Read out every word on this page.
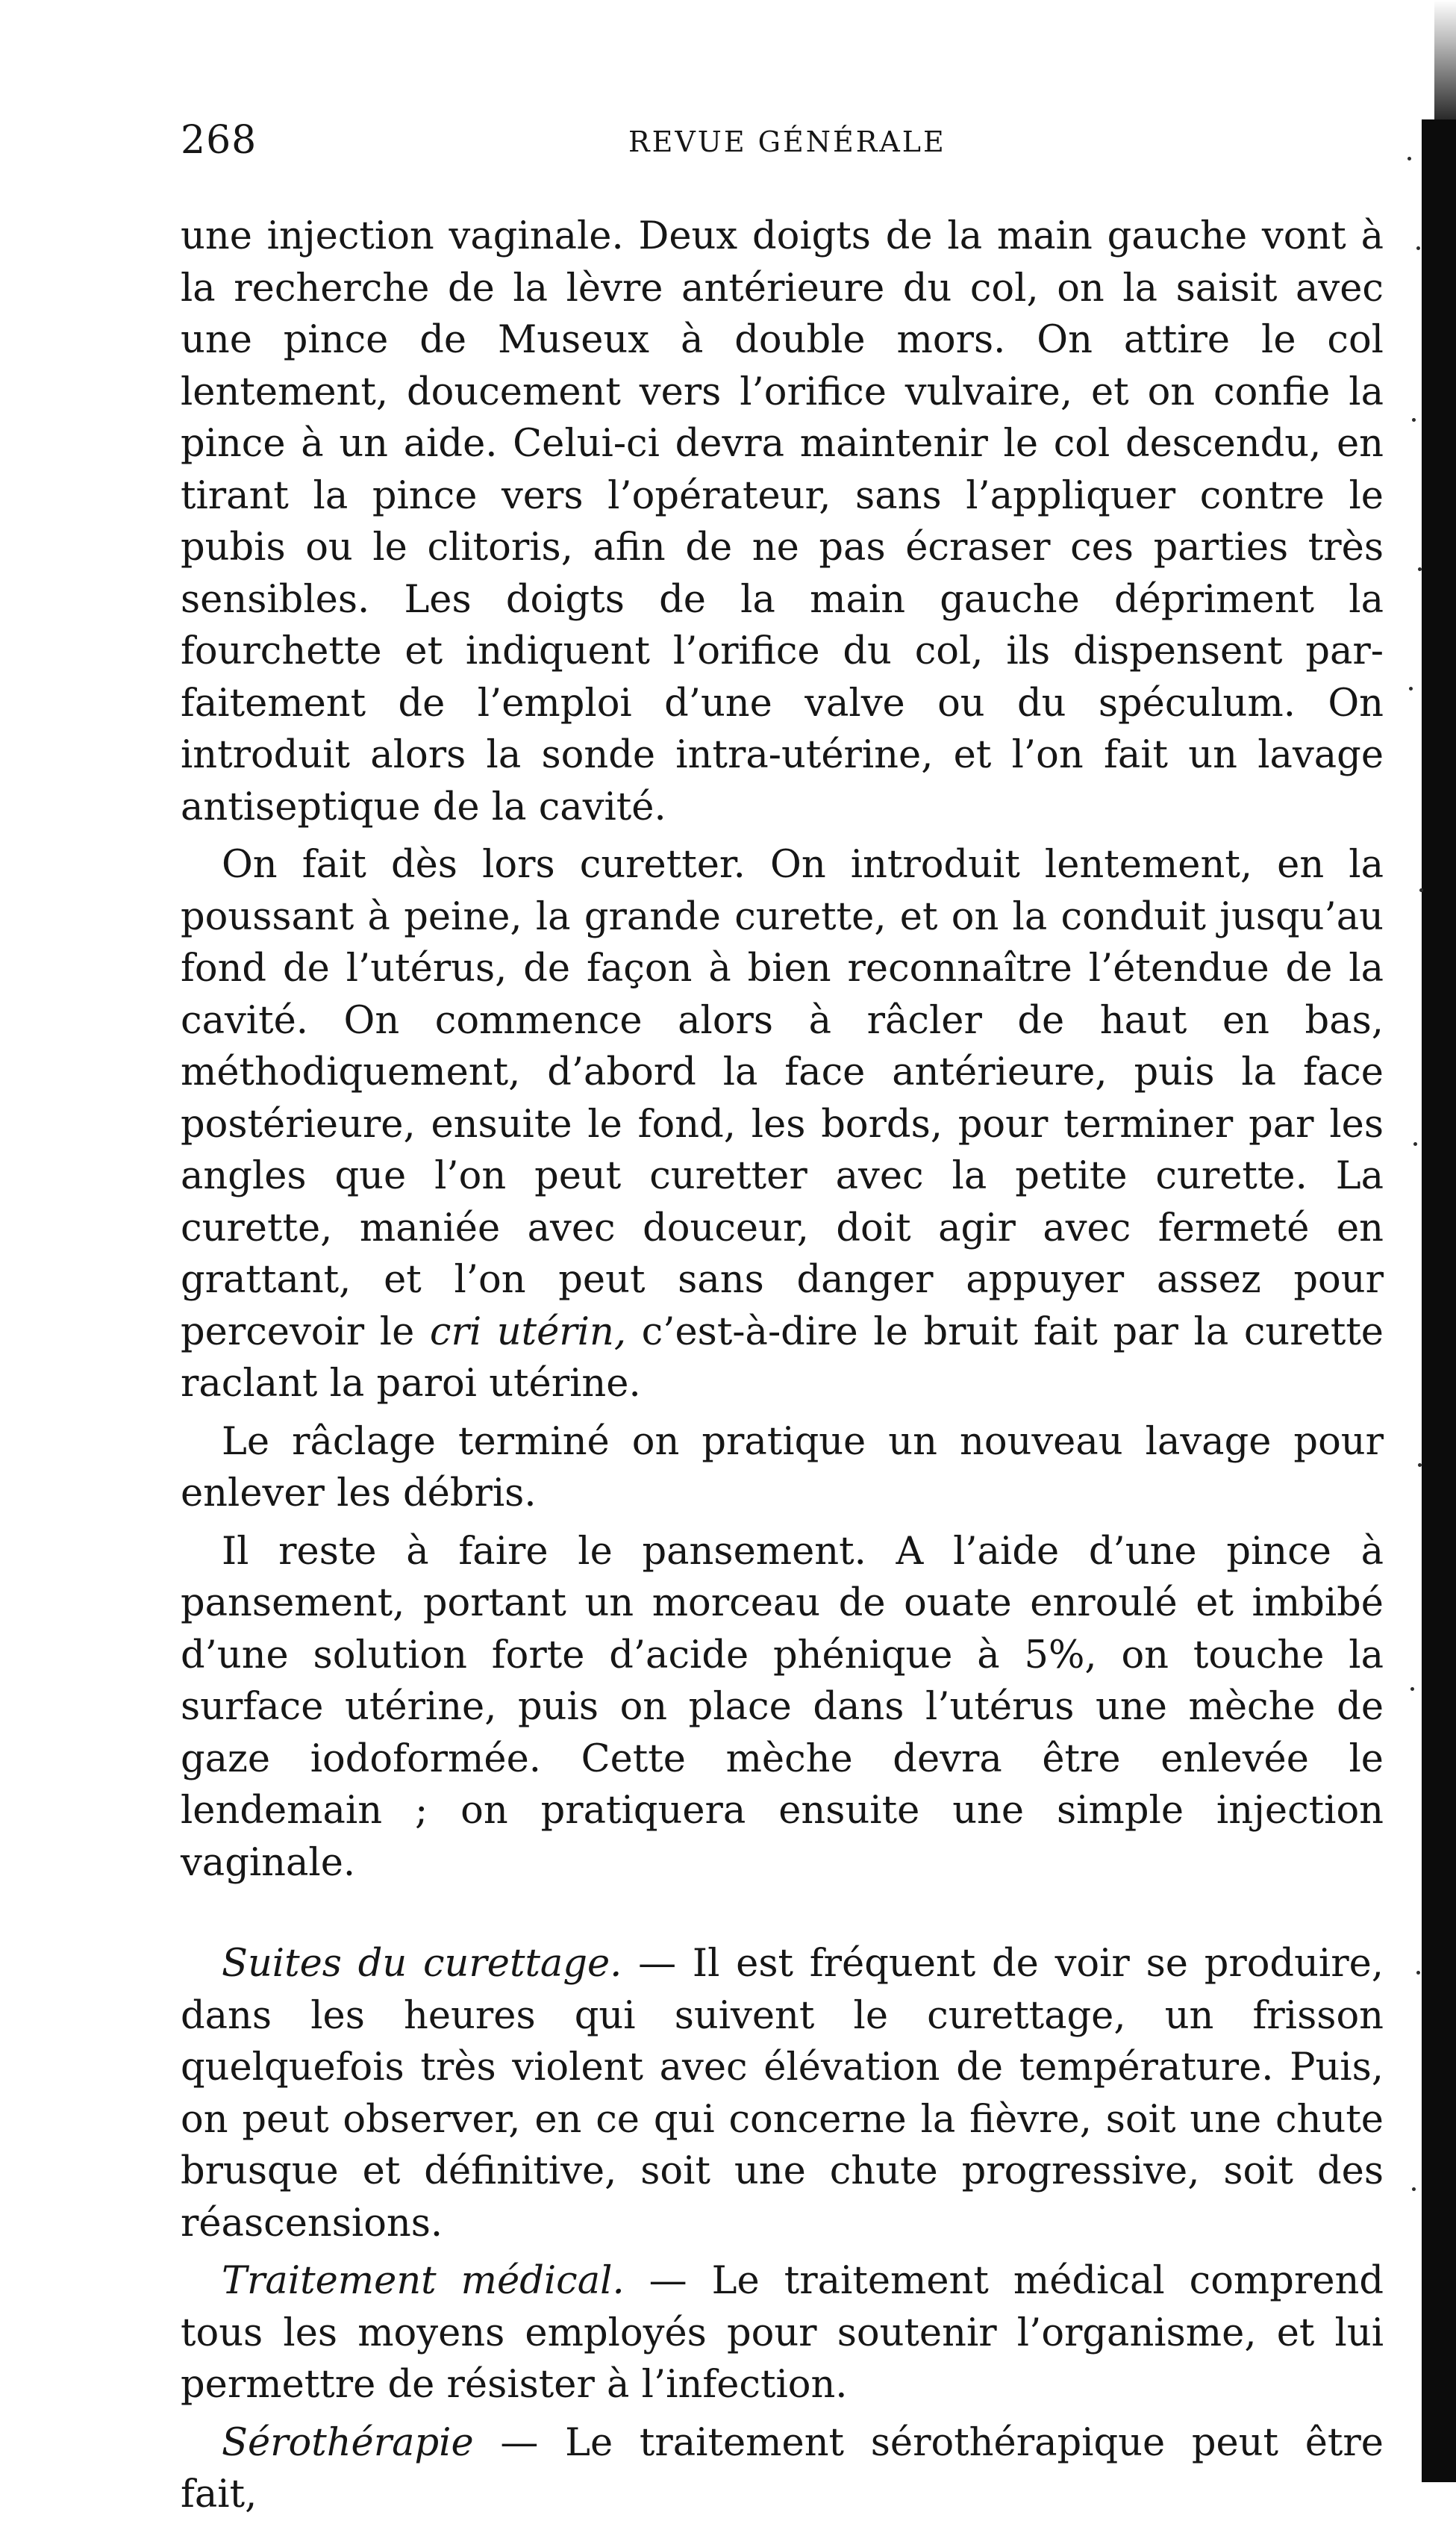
268	REVUE GÉNÉRALE

une injection vaginale. Deux doigts de la main gauche vont à la recherche de la lèvre antérieure du col, on la saisit avec une pince de Museux à double mors. On attire le col lentement, doucement vers l’orifice vulvaire, et on confie la pince à un aide. Celui-ci devra maintenir le col descendu, en tirant la pince vers l’opérateur, sans l’appliquer contre le pubis ou le clitoris, afin de ne pas écraser ces parties très sensibles. Les doigts de la main gauche dépriment la fourchette et indiquent l’orifice du col, ils dispensent parfaitement de l’emploi d’une valve ou du spéculum. On introduit alors la sonde intra-utérine, et l’on fait un lavage antiseptique de la cavité.

On fait dès lors curetter. On introduit lentement, en la poussant à peine, la grande curette, et on la conduit jusqu’au fond de l’utérus, de façon à bien reconnaître l’étendue de la cavité. On commence alors à râcler de haut en bas, méthodiquement, d’abord la face antérieure, puis la face postérieure, ensuite le fond, les bords, pour terminer par les angles que l’on peut curetter avec la petite curette. La curette, maniée avec douceur, doit agir avec fermeté en grattant, et l’on peut sans danger appuyer assez pour percevoir le cri utérin, c’est-à-dire le bruit fait par la curette raclant la paroi utérine.

Le râclage terminé on pratique un nouveau lavage pour enlever les débris.

Il reste à faire le pansement. A l’aide d’une pince à pansement, portant un morceau de ouate enroulé et imbibé d’une solution forte d’acide phénique à 5%, on touche la surface utérine, puis on place dans l’utérus une mèche de gaze iodoformée. Cette mèche devra être enlevée le lendemain ; on pratiquera ensuite une simple injection vaginale.

Suites du curettage. — Il est fréquent de voir se produire, dans les heures qui suivent le curettage, un frisson quelquefois très violent avec élévation de température. Puis, on peut observer, en ce qui concerne la fièvre, soit une chute brusque et définitive, soit une chute progressive, soit des réascensions.

Traitement médical. — Le traitement médical comprend tous les moyens employés pour soutenir l’organisme, et lui permettre de résister à l’infection.

Sérothérapie — Le traitement sérothérapique peut être fait,
